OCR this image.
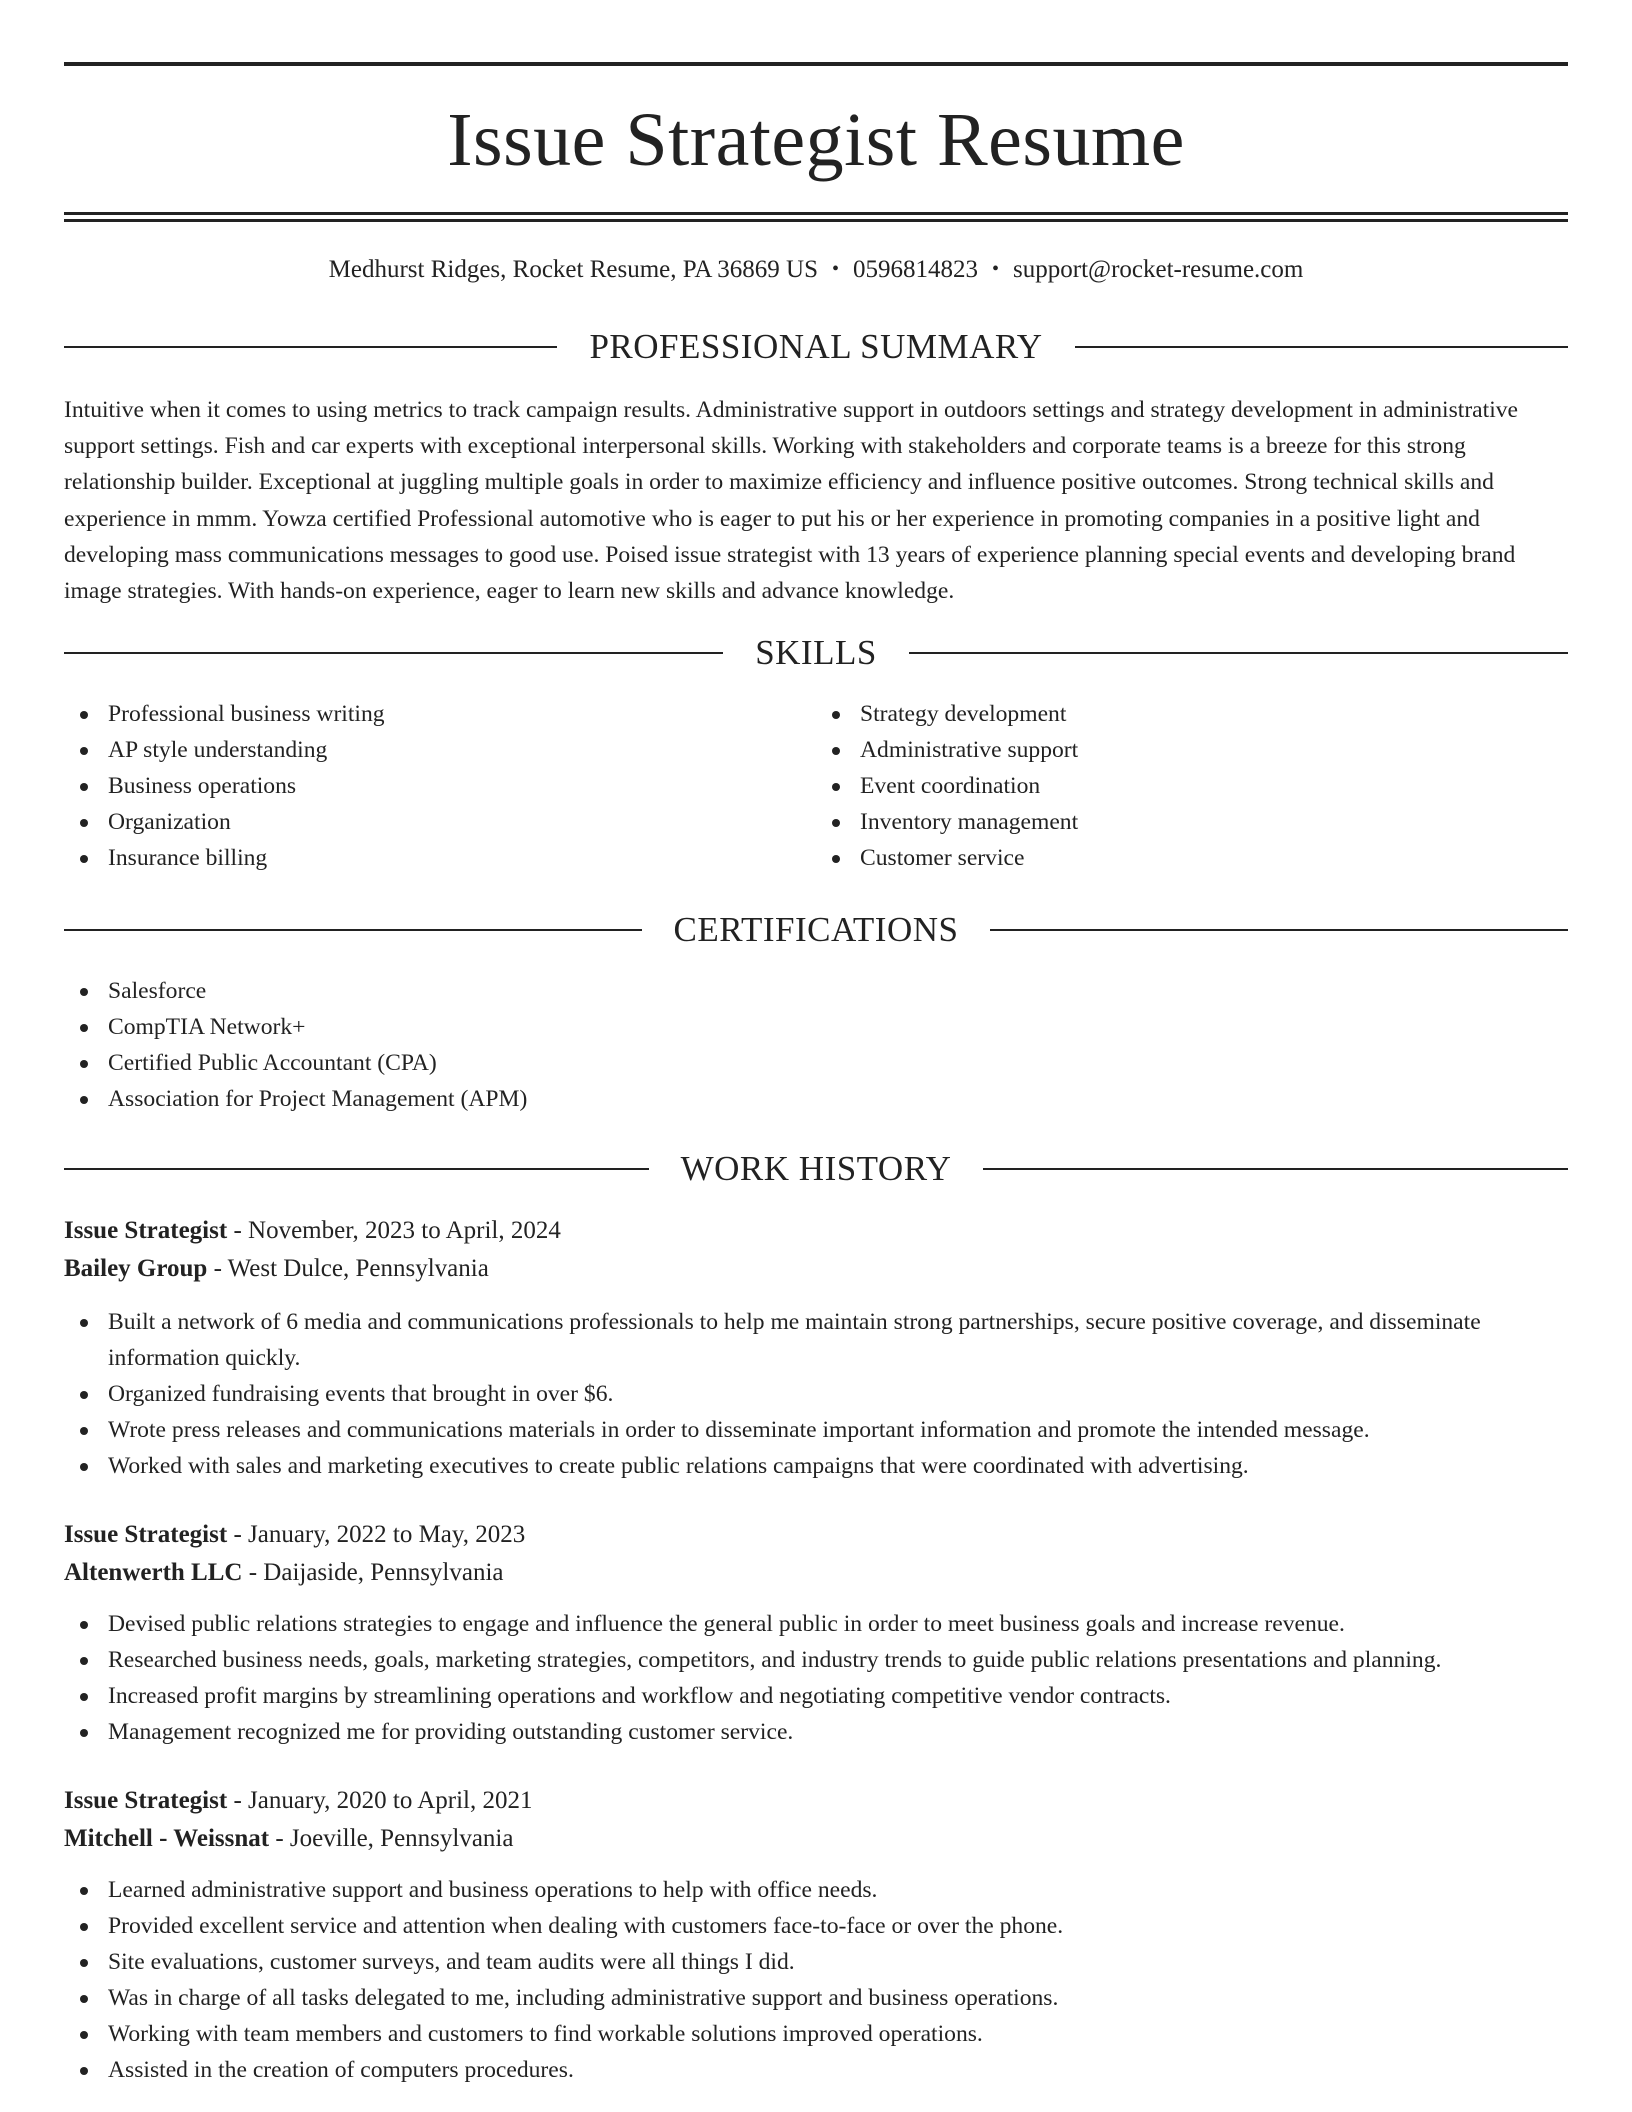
Issue Strategist Resume
Medhurst Ridges, Rocket Resume, PA 36869 US • 0596814823 • support@rocket-resume.com
PROFESSIONAL SUMMARY

Intuitive when it comes to using metrics to track campaign results. Administrative support in outdoors settings and strategy development in administrative support settings. Fish and car experts with exceptional interpersonal skills. Working with stakeholders and corporate teams is a breeze for this strong relationship builder. Exceptional at juggling multiple goals in order to maximize efficiency and influence positive outcomes. Strong technical skills and experience in mmm. Yowza certified Professional automotive who is eager to put his or her experience in promoting companies in a positive light and developing mass communications messages to good use. Poised issue strategist with 13 years of experience planning special events and developing brand image strategies. With hands-on experience, eager to learn new skills and advance knowledge.

SKILLS
Professional business writing
AP style understanding
Business operations
Organization
Insurance billing
Strategy development
Administrative support
Event coordination
Inventory management
Customer service
CERTIFICATIONS
Salesforce
CompTIA Network+
Certified Public Accountant (CPA)
Association for Project Management (APM)
WORK HISTORY
Issue Strategist - November, 2023 to April, 2024
Bailey Group - West Dulce, Pennsylvania
Built a network of 6 media and communications professionals to help me maintain strong partnerships, secure positive coverage, and disseminate information quickly.
Organized fundraising events that brought in over $6.
Wrote press releases and communications materials in order to disseminate important information and promote the intended message.
Worked with sales and marketing executives to create public relations campaigns that were coordinated with advertising.
Issue Strategist - January, 2022 to May, 2023
Altenwerth LLC - Daijaside, Pennsylvania
Devised public relations strategies to engage and influence the general public in order to meet business goals and increase revenue.
Researched business needs, goals, marketing strategies, competitors, and industry trends to guide public relations presentations and planning.
Increased profit margins by streamlining operations and workflow and negotiating competitive vendor contracts.
Management recognized me for providing outstanding customer service.
Issue Strategist - January, 2020 to April, 2021
Mitchell - Weissnat - Joeville, Pennsylvania
Learned administrative support and business operations to help with office needs.
Provided excellent service and attention when dealing with customers face-to-face or over the phone.
Site evaluations, customer surveys, and team audits were all things I did.
Was in charge of all tasks delegated to me, including administrative support and business operations.
Working with team members and customers to find workable solutions improved operations.
Assisted in the creation of computers procedures.
